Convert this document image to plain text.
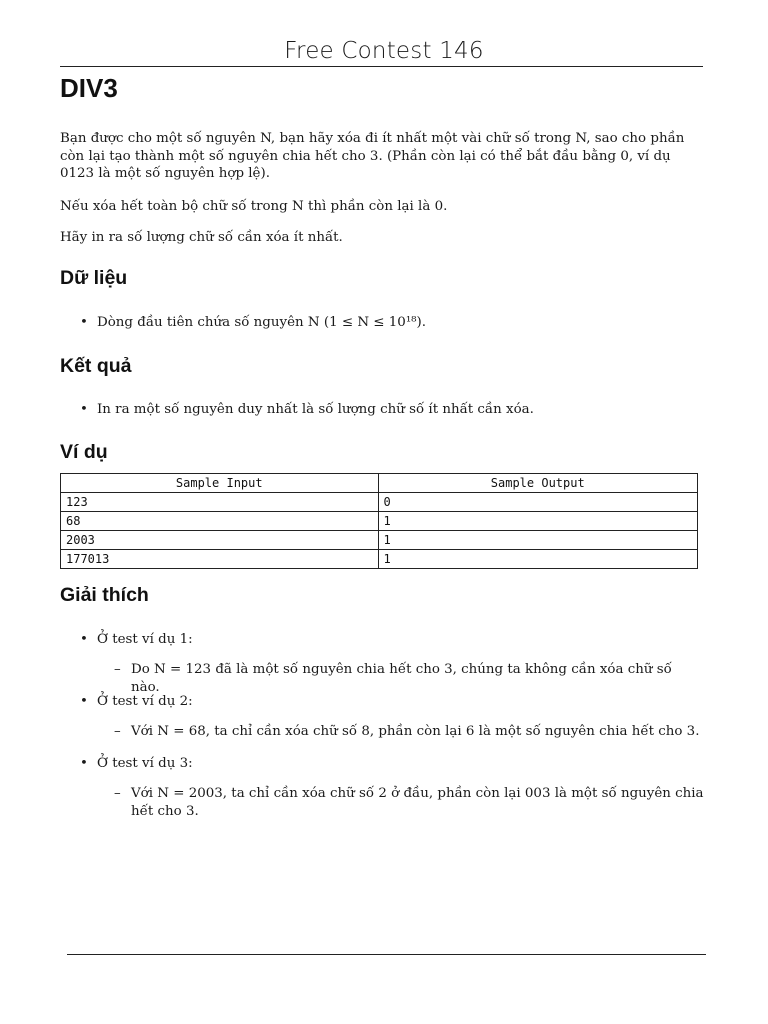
Free Contest 146
DIV3
Bạn được cho một số nguyên N, bạn hãy xóa đi ít nhất một vài chữ số trong N, sao cho phần còn lại tạo thành một số nguyên chia hết cho 3. (Phần còn lại có thể bắt đầu bằng 0, ví dụ 0123 là một số nguyên hợp lệ).
Nếu xóa hết toàn bộ chữ số trong N thì phần còn lại là 0.
Hãy in ra số lượng chữ số cần xóa ít nhất.
Dữ liệu
• Dòng đầu tiên chứa số nguyên N (1 ≤ N ≤ 10¹⁸).
Kết quả
• In ra một số nguyên duy nhất là số lượng chữ số ít nhất cần xóa.
Ví dụ
Sample Input	Sample Output
123	0
68	1
2003	1
177013	1
Giải thích
• Ở test ví dụ 1:
– Do N = 123 đã là một số nguyên chia hết cho 3, chúng ta không cần xóa chữ số nào.
• Ở test ví dụ 2:
– Với N = 68, ta chỉ cần xóa chữ số 8, phần còn lại 6 là một số nguyên chia hết cho 3.
• Ở test ví dụ 3:
– Với N = 2003, ta chỉ cần xóa chữ số 2 ở đầu, phần còn lại 003 là một số nguyên chia hết cho 3.
